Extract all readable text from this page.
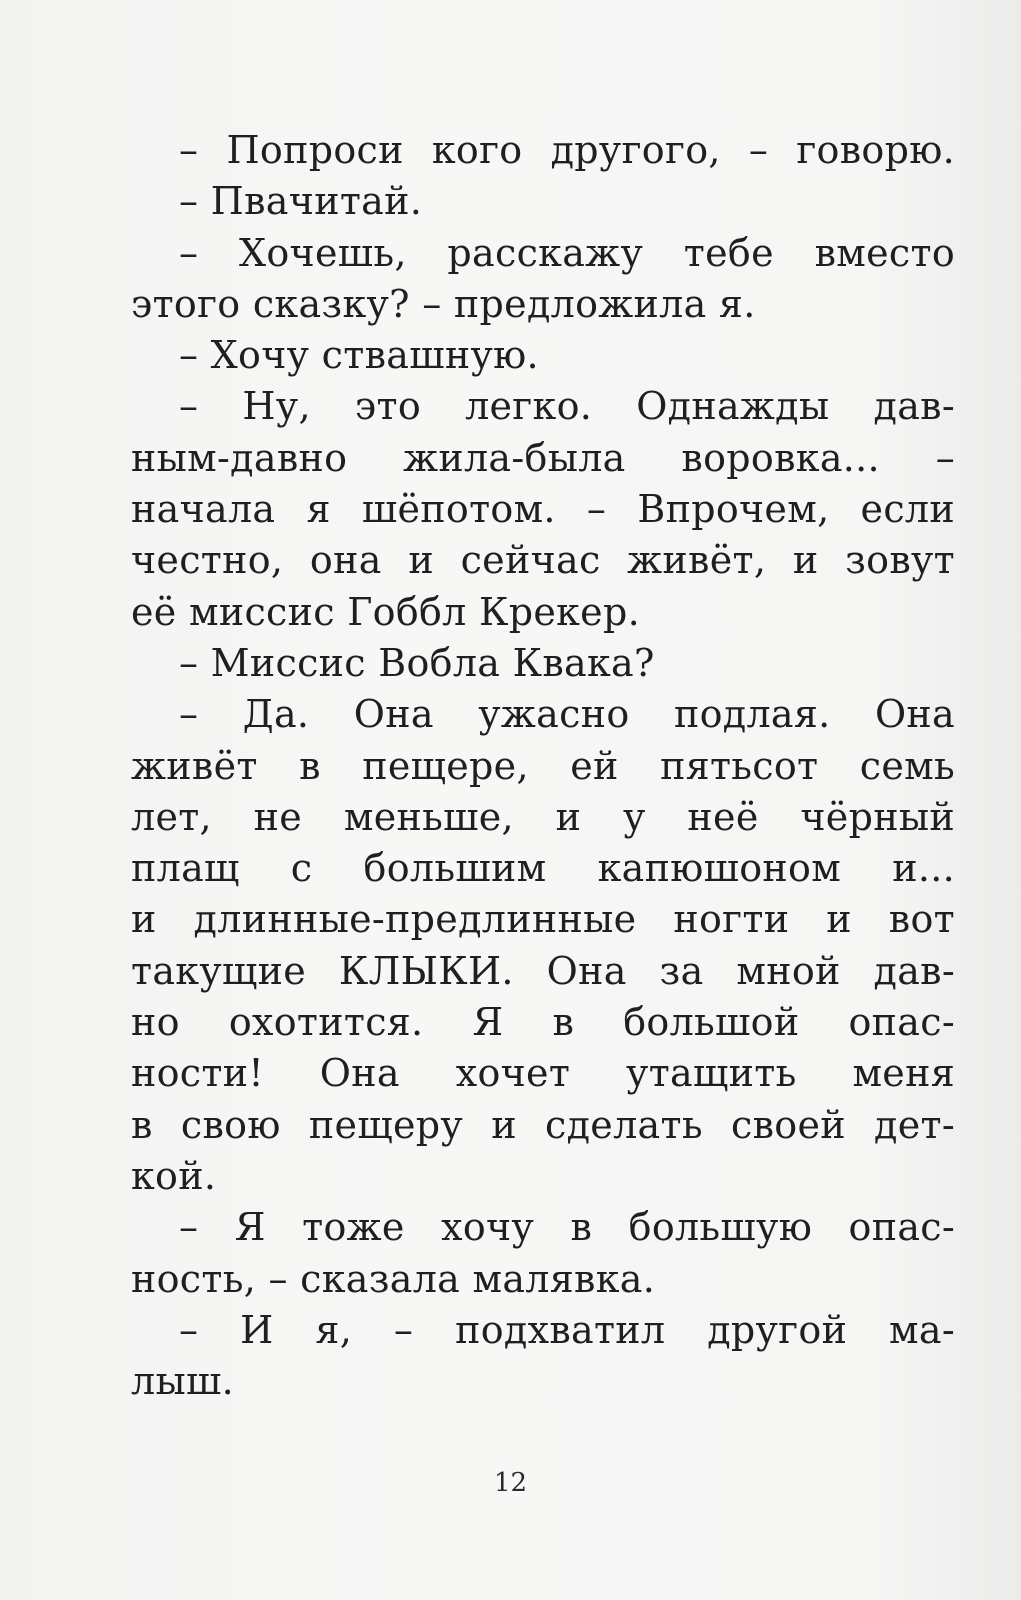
– Попроси кого другого, – говорю.
– Пвачитай.
– Хочешь, расскажу тебе вместо
этого сказку? – предложила я.
– Хочу ствашную.
– Ну, это легко. Однажды дав-
ным-давно жила-была воровка... –
начала я шёпотом. – Впрочем, если
честно, она и сейчас живёт, и зовут
её миссис Гоббл Крекер.
– Миссис Вобла Квака?
– Да. Она ужасно подлая. Она
живёт в пещере, ей пятьсот семь
лет, не меньше, и у неё чёрный
плащ с большим капюшоном и...
и длинные-предлинные ногти и вот
такущие КЛЫКИ. Она за мной дав-
но охотится. Я в большой опас-
ности! Она хочет утащить меня
в свою пещеру и сделать своей дет-
кой.
– Я тоже хочу в большую опас-
ность, – сказала малявка.
– И я, – подхватил другой ма-
лыш.
12
